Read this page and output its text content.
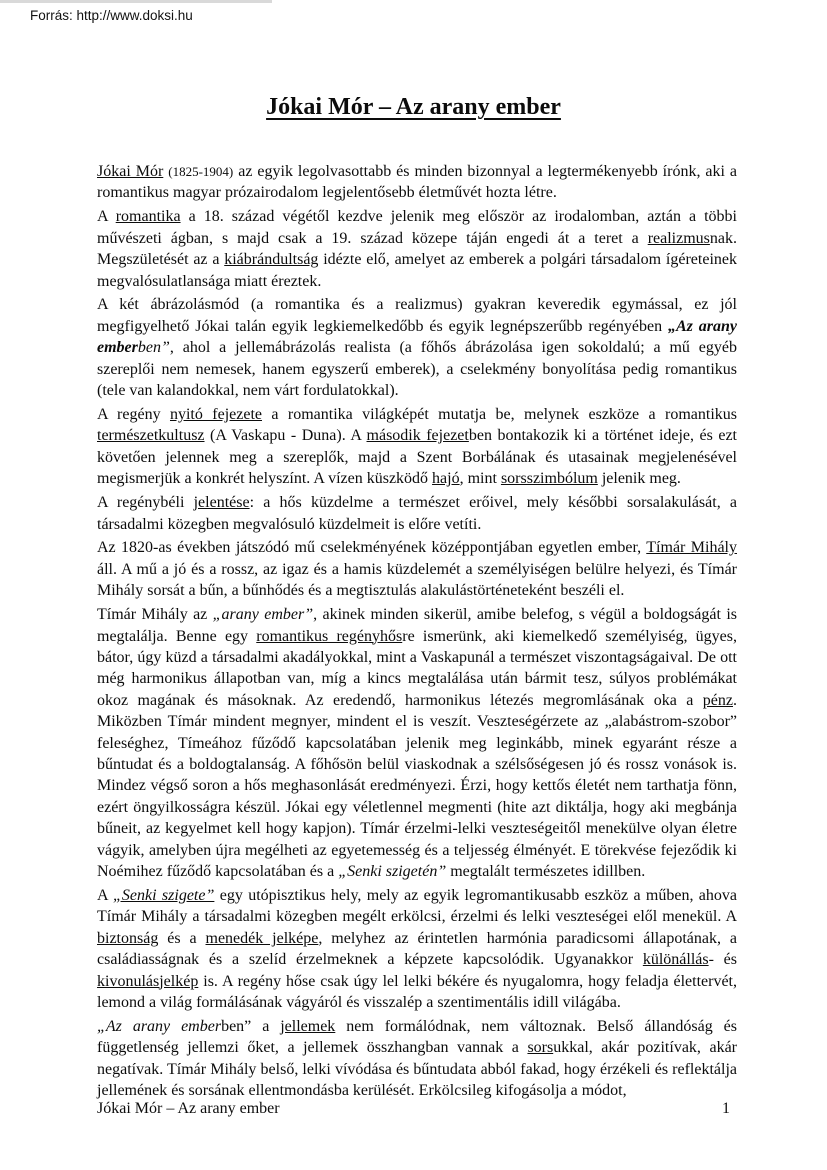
Forrás: http://www.doksi.hu
Jókai Mór – Az arany ember

Jókai Mór (1825-1904) az egyik legolvasottabb és minden bizonnyal a legtermékenyebb írónk, aki a romantikus magyar prózairodalom legjelentősebb életművét hozta létre.

A romantika a 18. század végétől kezdve jelenik meg először az irodalomban, aztán a többi művészeti ágban, s majd csak a 19. század közepe táján engedi át a teret a realizmusnak. Megszületését az a kiábrándultság idézte elő, amelyet az emberek a polgári társadalom ígéreteinek megvalósulatlansága miatt éreztek.

A két ábrázolásmód (a romantika és a realizmus) gyakran keveredik egymással, ez jól megfigyelhető Jókai talán egyik legkiemelkedőbb és egyik legnépszerűbb regényében „Az arany emberben”, ahol a jellemábrázolás realista (a főhős ábrázolása igen sokoldalú; a mű egyéb szereplői nem nemesek, hanem egyszerű emberek), a cselekmény bonyolítása pedig romantikus (tele van kalandokkal, nem várt fordulatokkal).

A regény nyitó fejezete a romantika világképét mutatja be, melynek eszköze a romantikus természetkultusz (A Vaskapu - Duna). A második fejezetben bontakozik ki a történet ideje, és ezt követően jelennek meg a szereplők, majd a Szent Borbálának és utasainak megjelenésével megismerjük a konkrét helyszínt. A vízen küszködő hajó, mint sorsszimbólum jelenik meg.

A regénybéli jelentése: a hős küzdelme a természet erőivel, mely későbbi sorsalakulását, a társadalmi közegben megvalósuló küzdelmeit is előre vetíti.

Az 1820-as években játszódó mű cselekményének középpontjában egyetlen ember, Tímár Mihály áll. A mű a jó és a rossz, az igaz és a hamis küzdelemét a személyiségen belülre helyezi, és Tímár Mihály sorsát a bűn, a bűnhődés és a megtisztulás alakulástörténeteként beszéli el.

Tímár Mihály az „arany ember”, akinek minden sikerül, amibe belefog, s végül a boldogságát is megtalálja. Benne egy romantikus regényhősre ismerünk, aki kiemelkedő személyiség, ügyes, bátor, úgy küzd a társadalmi akadályokkal, mint a Vaskapunál a természet viszontagságaival. De ott még harmonikus állapotban van, míg a kincs megtalálása után bármit tesz, súlyos problémákat okoz magának és másoknak. Az eredendő, harmonikus létezés megromlásának oka a pénz. Miközben Tímár mindent megnyer, mindent el is veszít. Veszteségérzete az „alabástrom-szobor” feleséghez, Tímeához fűződő kapcsolatában jelenik meg leginkább, minek egyaránt része a bűntudat és a boldogtalanság. A főhősön belül viaskodnak a szélsőségesen jó és rossz vonások is. Mindez végső soron a hős meghasonlását eredményezi. Érzi, hogy kettős életét nem tarthatja fönn, ezért öngyilkosságra készül. Jókai egy véletlennel megmenti (hite azt diktálja, hogy aki megbánja bűneit, az kegyelmet kell hogy kapjon). Tímár érzelmi-lelki veszteségeitől menekülve olyan életre vágyik, amelyben újra megélheti az egyetemesség és a teljesség élményét. E törekvése fejeződik ki Noémihez fűződő kapcsolatában és a „Senki szigetén” megtalált természetes idillben.

A „Senki szigete” egy utópisztikus hely, mely az egyik legromantikusabb eszköz a műben, ahova Tímár Mihály a társadalmi közegben megélt erkölcsi, érzelmi és lelki veszteségei elől menekül. A biztonság és a menedék jelképe, melyhez az érintetlen harmónia paradicsomi állapotának, a családiasságnak és a szelíd érzelmeknek a képzete kapcsolódik. Ugyanakkor különállás- és kivonulásjelkép is. A regény hőse csak úgy lel lelki békére és nyugalomra, hogy feladja élettervét, lemond a világ formálásának vágyáról és visszalép a szentimentális idill világába.

„Az arany emberben” a jellemek nem formálódnak, nem változnak. Belső állandóság és függetlenség jellemzi őket, a jellemek összhangban vannak a sorsukkal, akár pozitívak, akár negatívak. Tímár Mihály belső, lelki vívódása és bűntudata abból fakad, hogy érzékeli és reflektálja jellemének és sorsának ellentmondásba kerülését. Erkölcsileg kifogásolja a módot,

Jókai Mór – Az arany ember	1
